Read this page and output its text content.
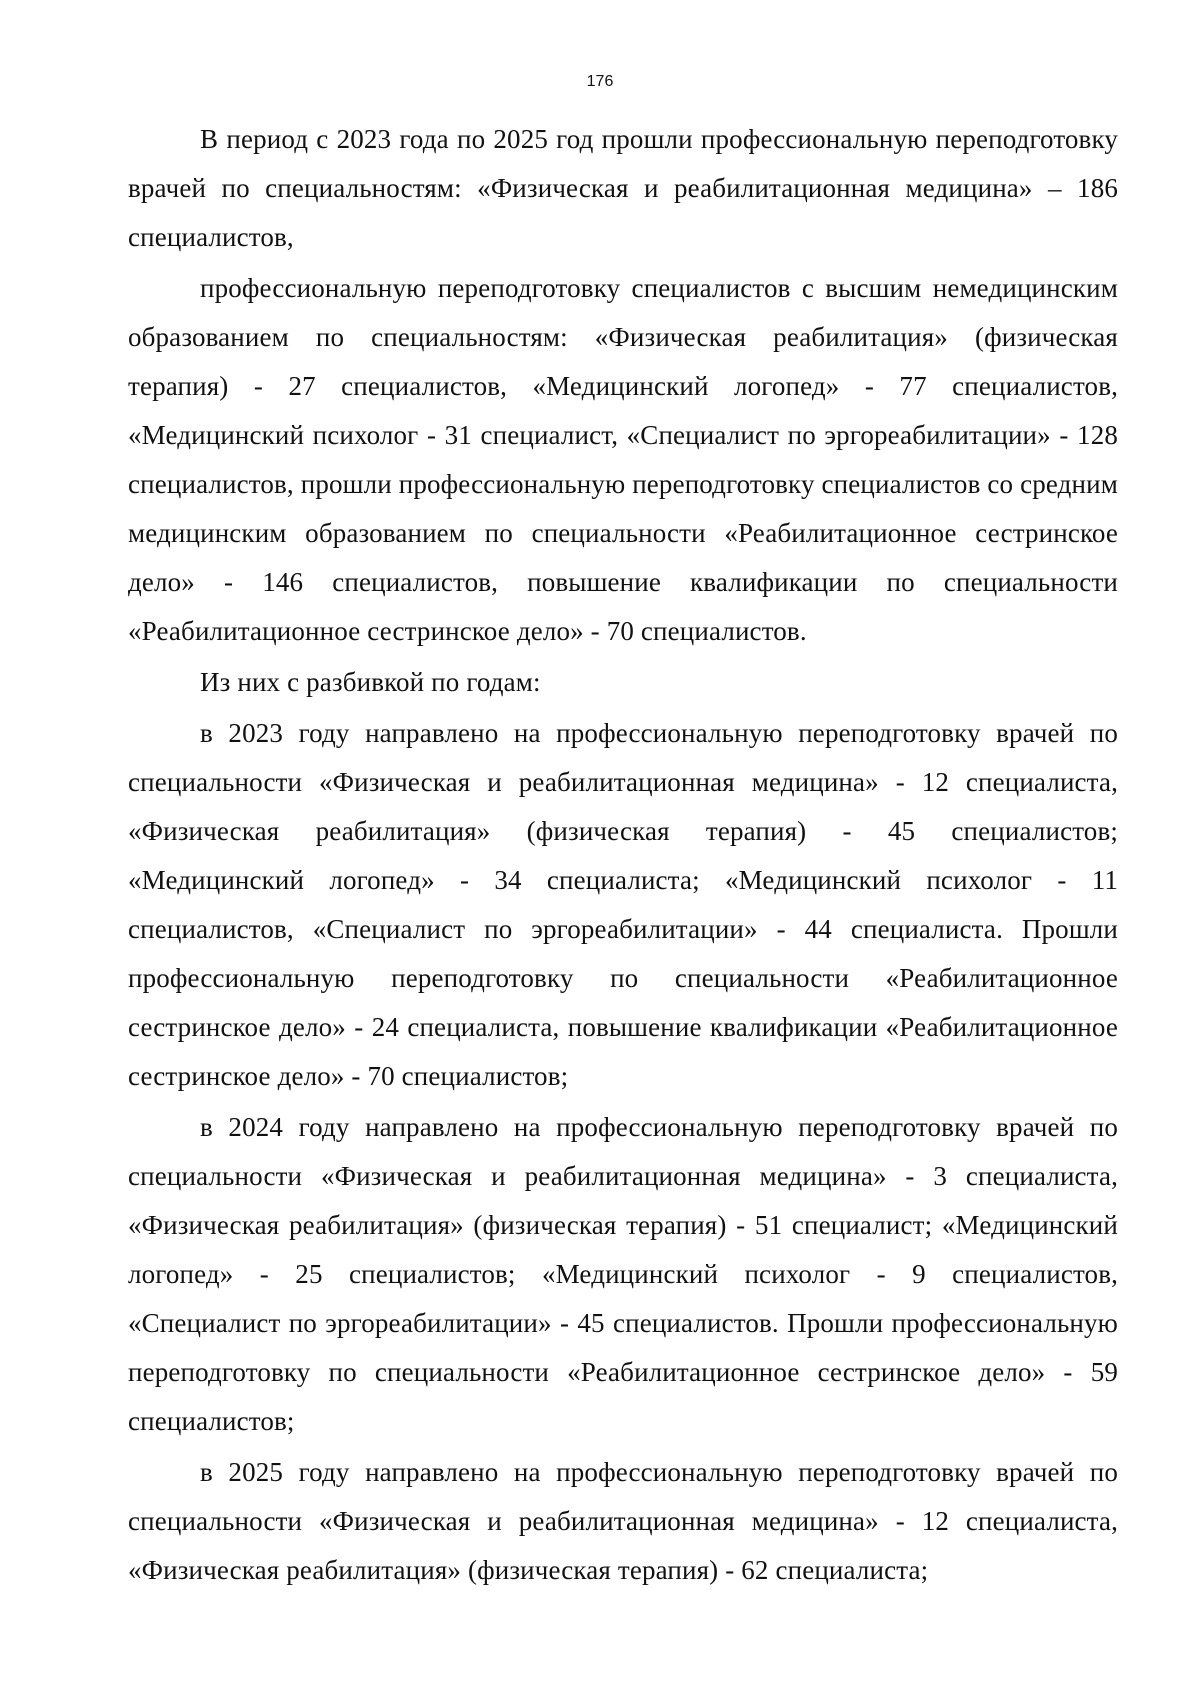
176

В период с 2023 года по 2025 год прошли профессиональную переподготовку врачей по специальностям: «Физическая и реабилитационная медицина» – 186 специалистов,

профессиональную переподготовку специалистов с высшим немедицинским образованием по специальностям: «Физическая реабилитация» (физическая терапия) - 27 специалистов, «Медицинский логопед» - 77 специалистов, «Медицинский психолог - 31 специалист, «Специалист по эргореабилитации» - 128 специалистов, прошли профессиональную переподготовку специалистов со средним медицинским образованием по специальности «Реабилитационное сестринское дело» - 146 специалистов, повышение квалификации по специальности «Реабилитационное сестринское дело» - 70 специалистов.

Из них с разбивкой по годам:

в 2023 году направлено на профессиональную переподготовку врачей по специальности «Физическая и реабилитационная медицина» - 12 специалиста, «Физическая реабилитация» (физическая терапия) - 45 специалистов; «Медицинский логопед» - 34 специалиста; «Медицинский психолог - 11 специалистов, «Специалист по эргореабилитации» - 44 специалиста. Прошли профессиональную переподготовку по специальности «Реабилитационное сестринское дело» - 24 специалиста, повышение квалификации «Реабилитационное сестринское дело» - 70 специалистов;

в 2024 году направлено на профессиональную переподготовку врачей по специальности «Физическая и реабилитационная медицина» - 3 специалиста, «Физическая реабилитация» (физическая терапия) - 51 специалист; «Медицинский логопед» - 25 специалистов; «Медицинский психолог - 9 специалистов, «Специалист по эргореабилитации» - 45 специалистов. Прошли профессиональную переподготовку по специальности «Реабилитационное сестринское дело» - 59 специалистов;

в 2025 году направлено на профессиональную переподготовку врачей по специальности «Физическая и реабилитационная медицина» - 12 специалиста, «Физическая реабилитация» (физическая терапия) - 62 специалиста;
